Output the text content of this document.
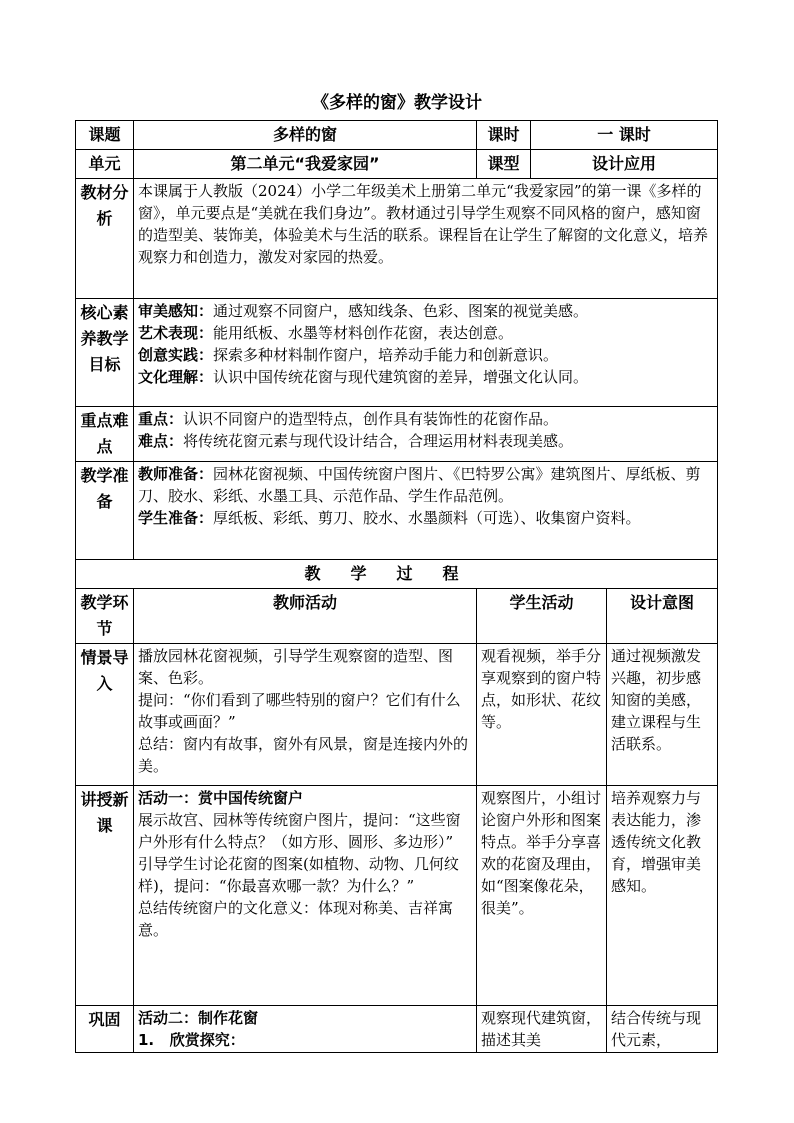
《多样的窗》教学设计
课题	多样的窗	课时	一 课时	
单元	第二单元“我爱家园”	课型	设计应用	
教材分析	本课属于人教版（2024）小学二年级美术上册第二单元“我爱家园”的第一课《多样的窗》，单元要点是“美就在我们身边”。教材通过引导学生观察不同风格的窗户，感知窗的造型美、装饰美，体验美术与生活的联系。课程旨在让学生了解窗的文化意义，培养观察力和创造力，激发对家园的热爱。			
核心素养教学目标	审美感知：通过观察不同窗户，感知线条、色彩、图案的视觉美感。
艺术表现：能用纸板、水墨等材料创作花窗，表达创意。
创意实践：探索多种材料制作窗户，培养动手能力和创新意识。
文化理解：认识中国传统花窗与现代建筑窗的差异，增强文化认同。			

重点难点	重点：认识不同窗户的造型特点，创作具有装饰性的花窗作品。
难点：将传统花窗元素与现代设计结合，合理运用材料表现美感。			

教学准备	教师准备：园林花窗视频、中国传统窗户图片、《巴特罗公寓》建筑图片、厚纸板、剪刀、胶水、彩纸、水墨工具、示范作品、学生作品范例。
学生准备：厚纸板、彩纸、剪刀、胶水、水墨颜料（可选）、收集窗户资料。			

教学过程				
教学环节	教师活动	学生活动		设计意图
情景导入	播放园林花窗视频，引导学生观察窗的造型、图案、色彩。
提问：“你们看到了哪些特别的窗户？它们有什么故事或画面？”
总结：窗内有故事，窗外有风景，窗是连接内外的美。	观看视频，举手分享观察到的窗户特点，如形状、花纹等。		通过视频激发兴趣，初步感知窗的美感，建立课程与生活联系。
讲授新课	活动一：赏中国传统窗户
展示故宫、园林等传统窗户图片，提问：“这些窗户外形有什么特点？（如方形、圆形、多边形）”
引导学生讨论花窗的图案(如植物、动物、几何纹样)，提问：“你最喜欢哪一款？为什么？”
总结传统窗户的文化意义：体现对称美、吉祥寓意。	观察图片，小组讨论窗户外形和图案特点。举手分享喜欢的花窗及理由，如“图案像花朵，很美”。		培养观察力与表达能力，渗透传统文化教育，增强审美感知。
巩固	活动二：制作花窗
1.   欣赏探究：	观察现代建筑窗，描述其美		结合传统与现代元素，
